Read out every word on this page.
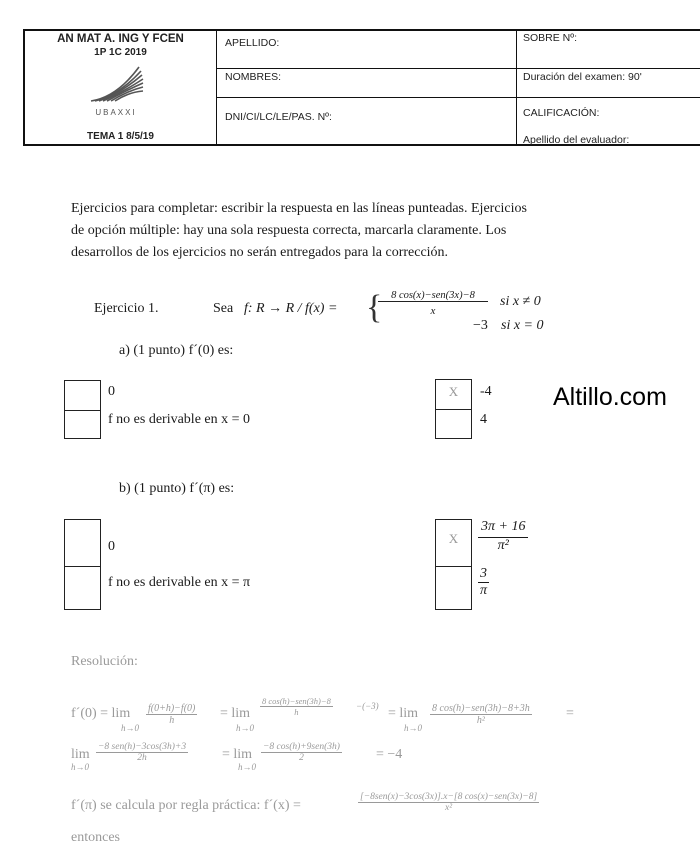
AN MAT A. ING Y FCEN
1P 1C 2019
UBAXXI
TEMA 1 8/5/19
APELLIDO:
NOMBRES:
DNI/CI/LC/LE/PAS. Nº:
SOBRE Nº:
Duración del examen: 90'
CALIFICACIÓN:
Apellido del evaluador:
Ejercicios para completar: escribir la respuesta en las líneas punteadas. Ejercicios
de opción múltiple: hay una sola respuesta correcta, marcarla claramente. Los
desarrollos de los ejercicios no serán entregados para la corrección.
Ejercicio 1.	Sea f: R → R / f(x) = { 8 cos(x)−sen(3x)−8
x
si x ≠ 0
−3 si x = 0
a) (1 punto) f´(0) es:
0
f no es derivable en x = 0
X	-4
4
Altillo.com
b) (1 punto) f´(π) es:
0
f no es derivable en x = π
X	$\frac{3\pi + 16}{\text{π²}}$
$\frac{3}{\pi}$
Resolución:
f´(0) = lim
h→0
$\frac{f(0+h)-f(0)}{h} = \lim$
h→0
8 cos(h)−sen(3h)−8
h
−(−3) = lim
h→0
8 cos(h)−sen(3h)−8+3h
h²	=
lim
h→0
−8 sen(h)−3cos(3h)+3
2h	= lim
h→0
−8 cos(h)+9sen(3h)
2	= −4
f´(π) se calcula por regla práctica: f´(x) =
[−8sen(x)−3cos(3x)].x−[8 cos(x)−sen(3x)−8]
x²
entonces
